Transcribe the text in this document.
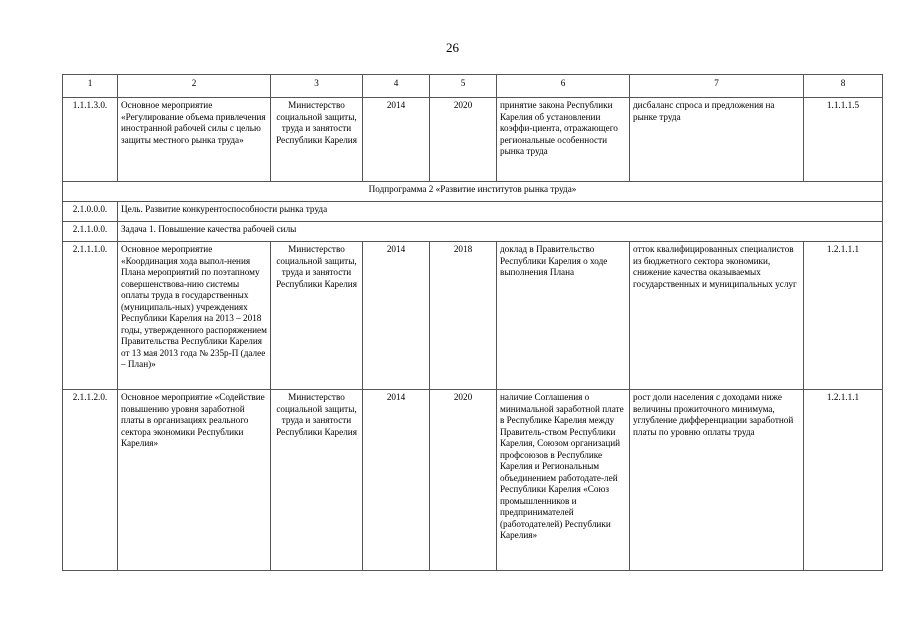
26
1	2	3	4	5	6	7	8
1.1.1.3.0.	Основное мероприятие «Регулирование объема привлечения иностранной рабочей силы с целью защиты местного рынка труда»	Министерство социальной защиты, труда и занятости Республики Карелия	2014	2020	принятие закона Республики Карелия об установлении коэффи-циента, отражающего региональные особенности рынка труда	дисбаланс спроса и предложения на рынке труда	1.1.1.1.5
Подпрограмма 2 «Развитие институтов рынка труда»							
2.1.0.0.0.	Цель. Развитие конкурентоспособности рынка труда						
2.1.1.0.0.	Задача 1. Повышение качества рабочей силы						
2.1.1.1.0.	Основное мероприятие «Координация хода выпол-нения Плана мероприятий по поэтапному совершенствова-нию системы оплаты труда в государственных (муниципаль-ных) учреждениях Республики Карелия на 2013 – 2018 годы, утвержденного распоряжением Правительства Республики Карелия от 13 мая 2013 года № 235р-П (далее – План)»	Министерство социальной защиты, труда и занятости Республики Карелия	2014	2018	доклад в Правительство Республики Карелия о ходе выполнения Плана	отток квалифицированных специалистов из бюджетного сектора экономики, снижение качества оказываемых государственных и муниципальных услуг	1.2.1.1.1
2.1.1.2.0.	Основное мероприятие «Содействие повышению уровня заработной платы в организациях реального сектора экономики Республики Карелия»	Министерство социальной защиты, труда и занятости Республики Карелия	2014	2020	наличие Соглашения о минимальной заработной плате в Республике Карелия между Правитель-ством Республики Карелия, Союзом организаций профсоюзов в Республике Карелия и Региональным объединением работодате-лей Республики Карелия «Союз промышленников и предпринимателей (работодателей) Республики Карелия»	рост доли населения с доходами ниже величины прожиточного минимума, углубление дифференциации заработной платы по уровню оплаты труда	1.2.1.1.1
